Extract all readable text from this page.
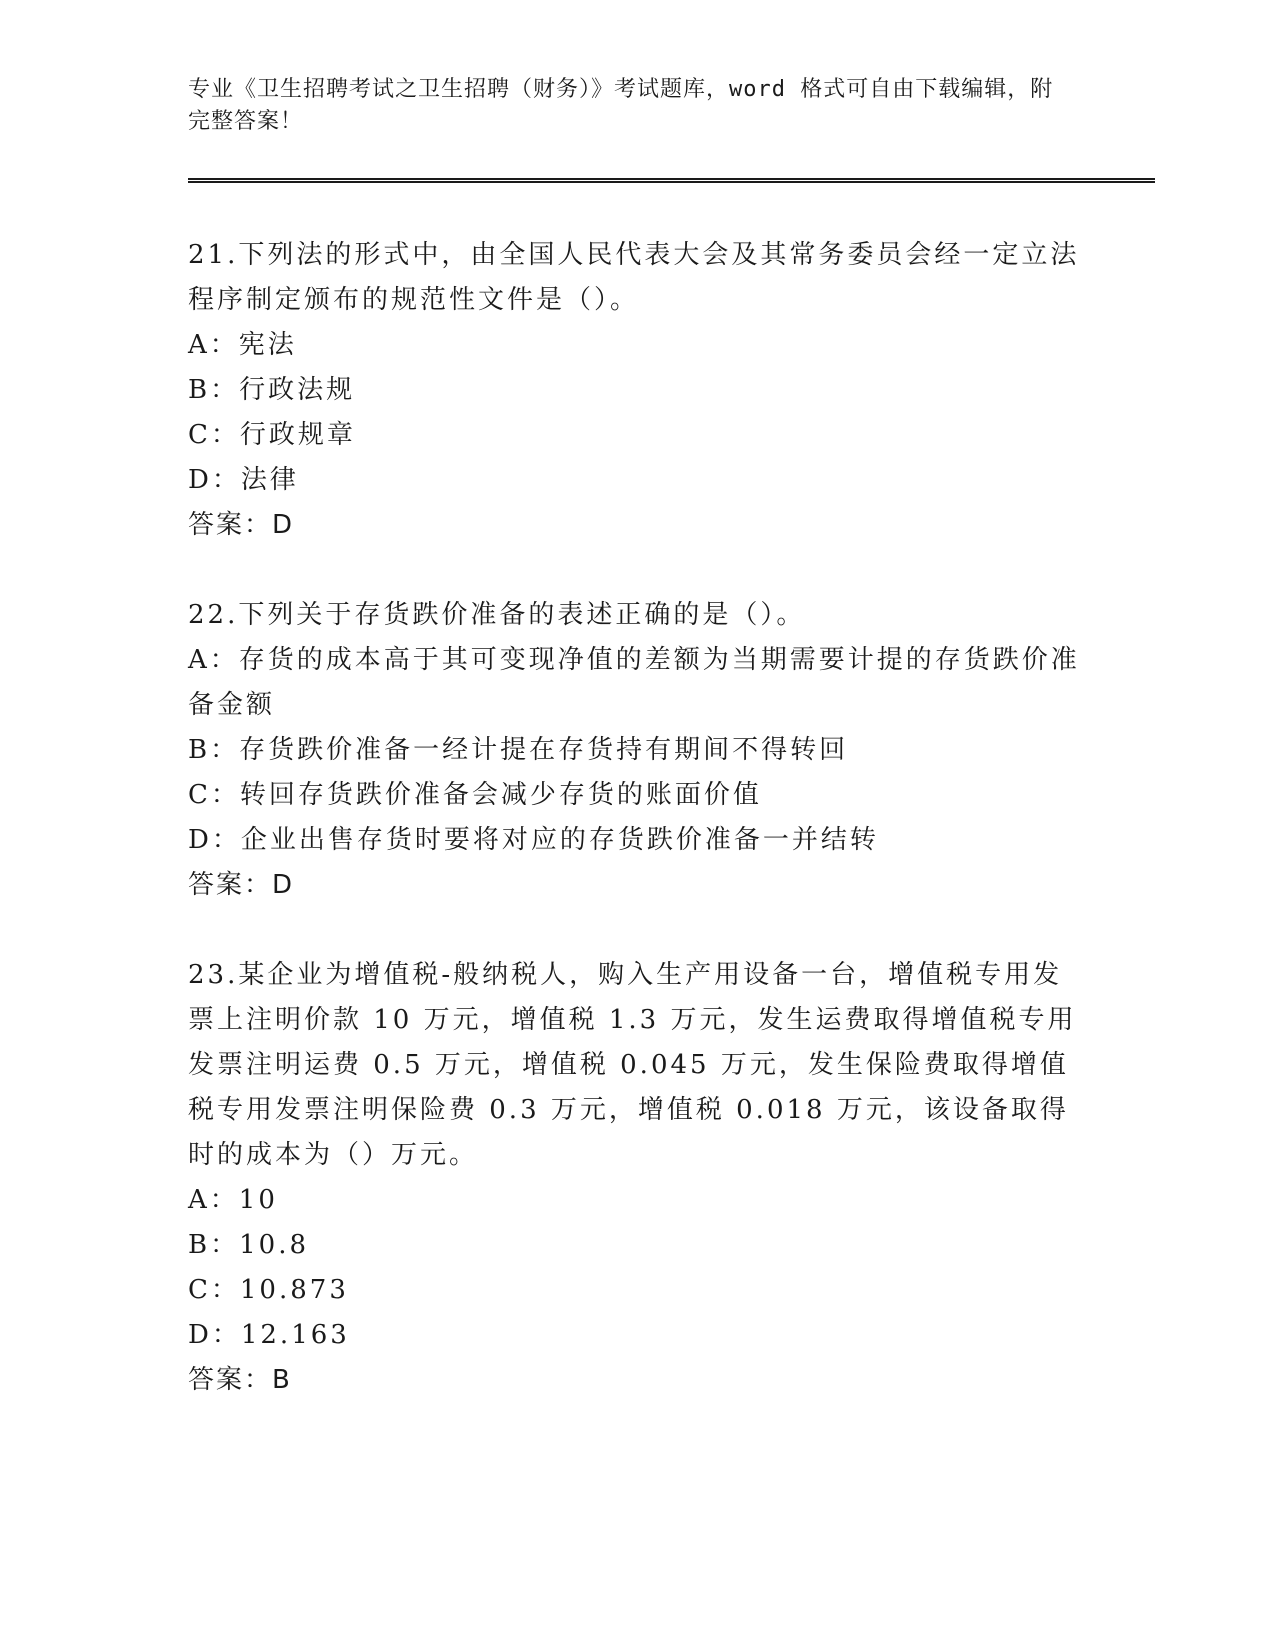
专业《卫生招聘考试之卫生招聘（财务）》考试题库，word 格式可自由下载编辑，附完整答案！

21.下列法的形式中，由全国人民代表大会及其常务委员会经一定立法程序制定颁布的规范性文件是（）。

A：宪法

B：行政法规

C：行政规章

D：法律

答案：D

22.下列关于存货跌价准备的表述正确的是（）。

A：存货的成本高于其可变现净值的差额为当期需要计提的存货跌价准备金额

B：存货跌价准备一经计提在存货持有期间不得转回

C：转回存货跌价准备会减少存货的账面价值

D：企业出售存货时要将对应的存货跌价准备一并结转

答案：D

23.某企业为增值税-般纳税人，购入生产用设备一台，增值税专用发票上注明价款 10 万元，增值税 1.3 万元，发生运费取得增值税专用发票注明运费 0.5 万元，增值税 0.045 万元，发生保险费取得增值税专用发票注明保险费 0.3 万元，增值税 0.018 万元，该设备取得时的成本为（）万元。

A：10

B：10.8

C：10.873

D：12.163

答案：B
